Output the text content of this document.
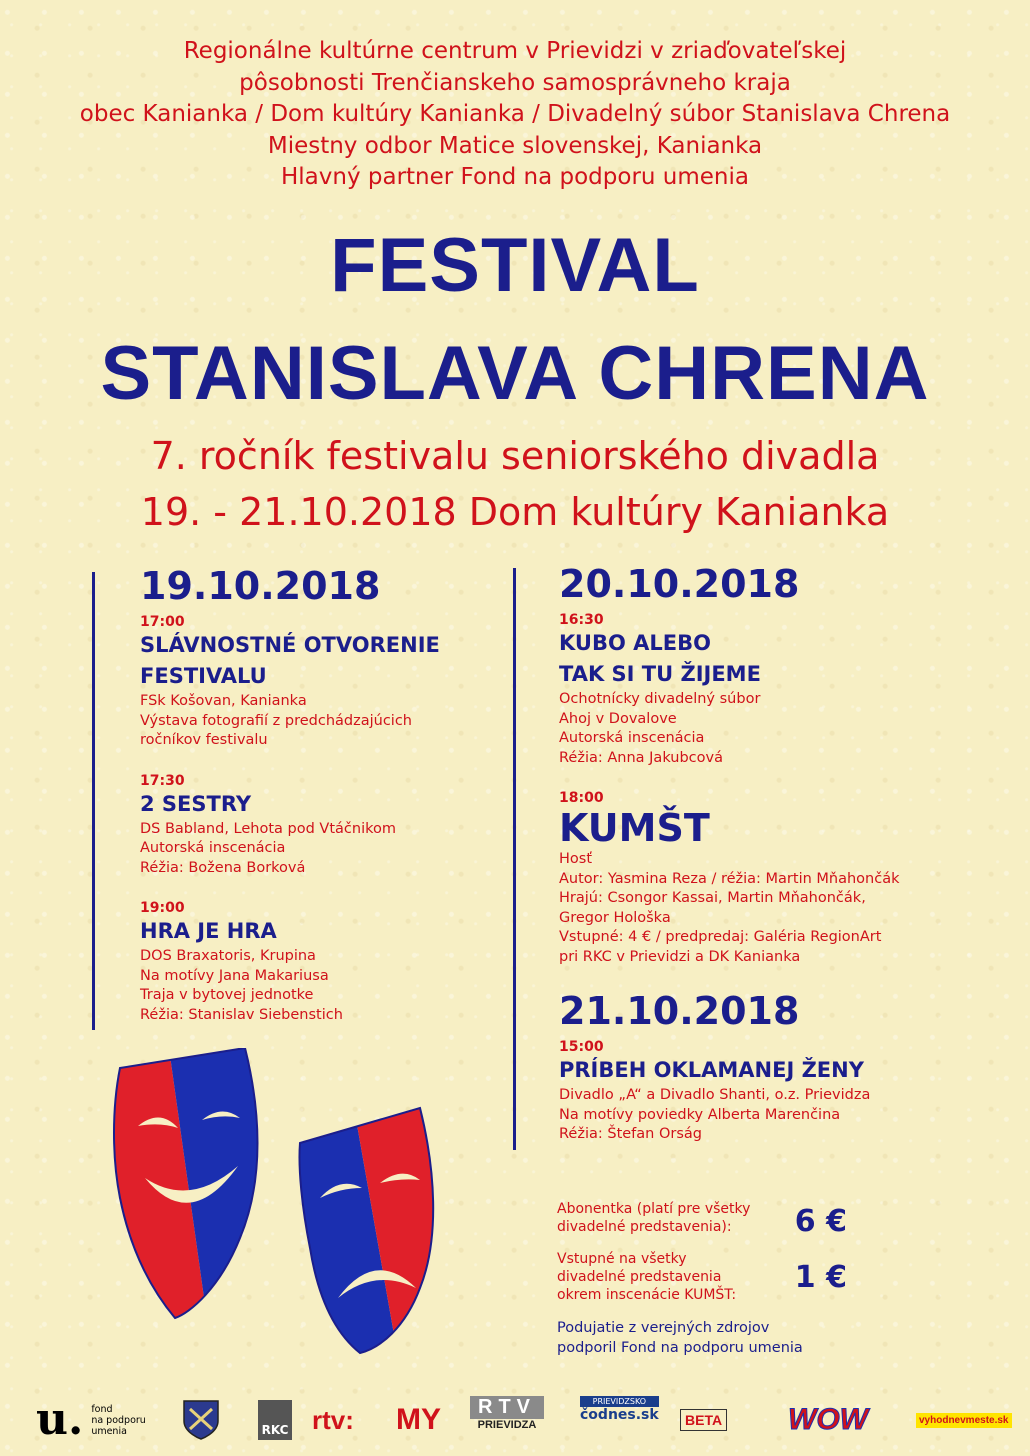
Regionálne kultúrne centrum v Prievidzi v zriaďovateľskej
pôsobnosti Trenčianskeho samosprávneho kraja
obec Kanianka / Dom kultúry Kanianka / Divadelný súbor Stanislava Chrena
Miestny odbor Matice slovenskej, Kanianka
Hlavný partner Fond na podporu umenia
FESTIVAL
STANISLAVA CHRENA
7. ročník festivalu seniorského divadla
19. - 21.10.2018 Dom kultúry Kanianka
19.10.2018
17:00
SLÁVNOSTNÉ OTVORENIE
FESTIVALU
FSk Košovan, Kanianka
Výstava fotografií z predchádzajúcich
ročníkov festivalu
17:30
2 SESTRY
DS Babland, Lehota pod Vtáčnikom
Autorská inscenácia
Réžia: Božena Borková
19:00
HRA JE HRA
DOS Braxatoris, Krupina
Na motívy Jana Makariusa
Traja v bytovej jednotke
Réžia: Stanislav Siebenstich
20.10.2018
16:30
KUBO ALEBO
TAK SI TU ŽIJEME
Ochotnícky divadelný súbor
Ahoj v Dovalove
Autorská inscenácia
Réžia: Anna Jakubcová
18:00
KUMŠT
Hosť
Autor: Yasmina Reza / réžia: Martin Mňahončák
Hrajú: Csongor Kassai, Martin Mňahončák,
Gregor Hološka
Vstupné: 4 € / predpredaj: Galéria RegionArt
pri RKC v Prievidzi a DK Kanianka
21.10.2018
15:00
PRÍBEH OKLAMANEJ ŽENY
Divadlo „A“ a Divadlo Shanti, o.z. Prievidza
Na motívy poviedky Alberta Marenčina
Réžia: Štefan Orság
Abonentka (platí pre všetky
divadelné predstavenia):	6 €
Vstupné na všetky
divadelné predstavenia
okrem inscenácie KUMŠT:	1 €
Podujatie z verejných zdrojov
podporil Fond na podporu umenia
u. fond
na podporu
umenia	RKC rtv: MY	RTV
PRIEVIDZA
PRIEVIDZSKO
čodnes.sk	BETA WOW	vyhodnevmeste.sk
